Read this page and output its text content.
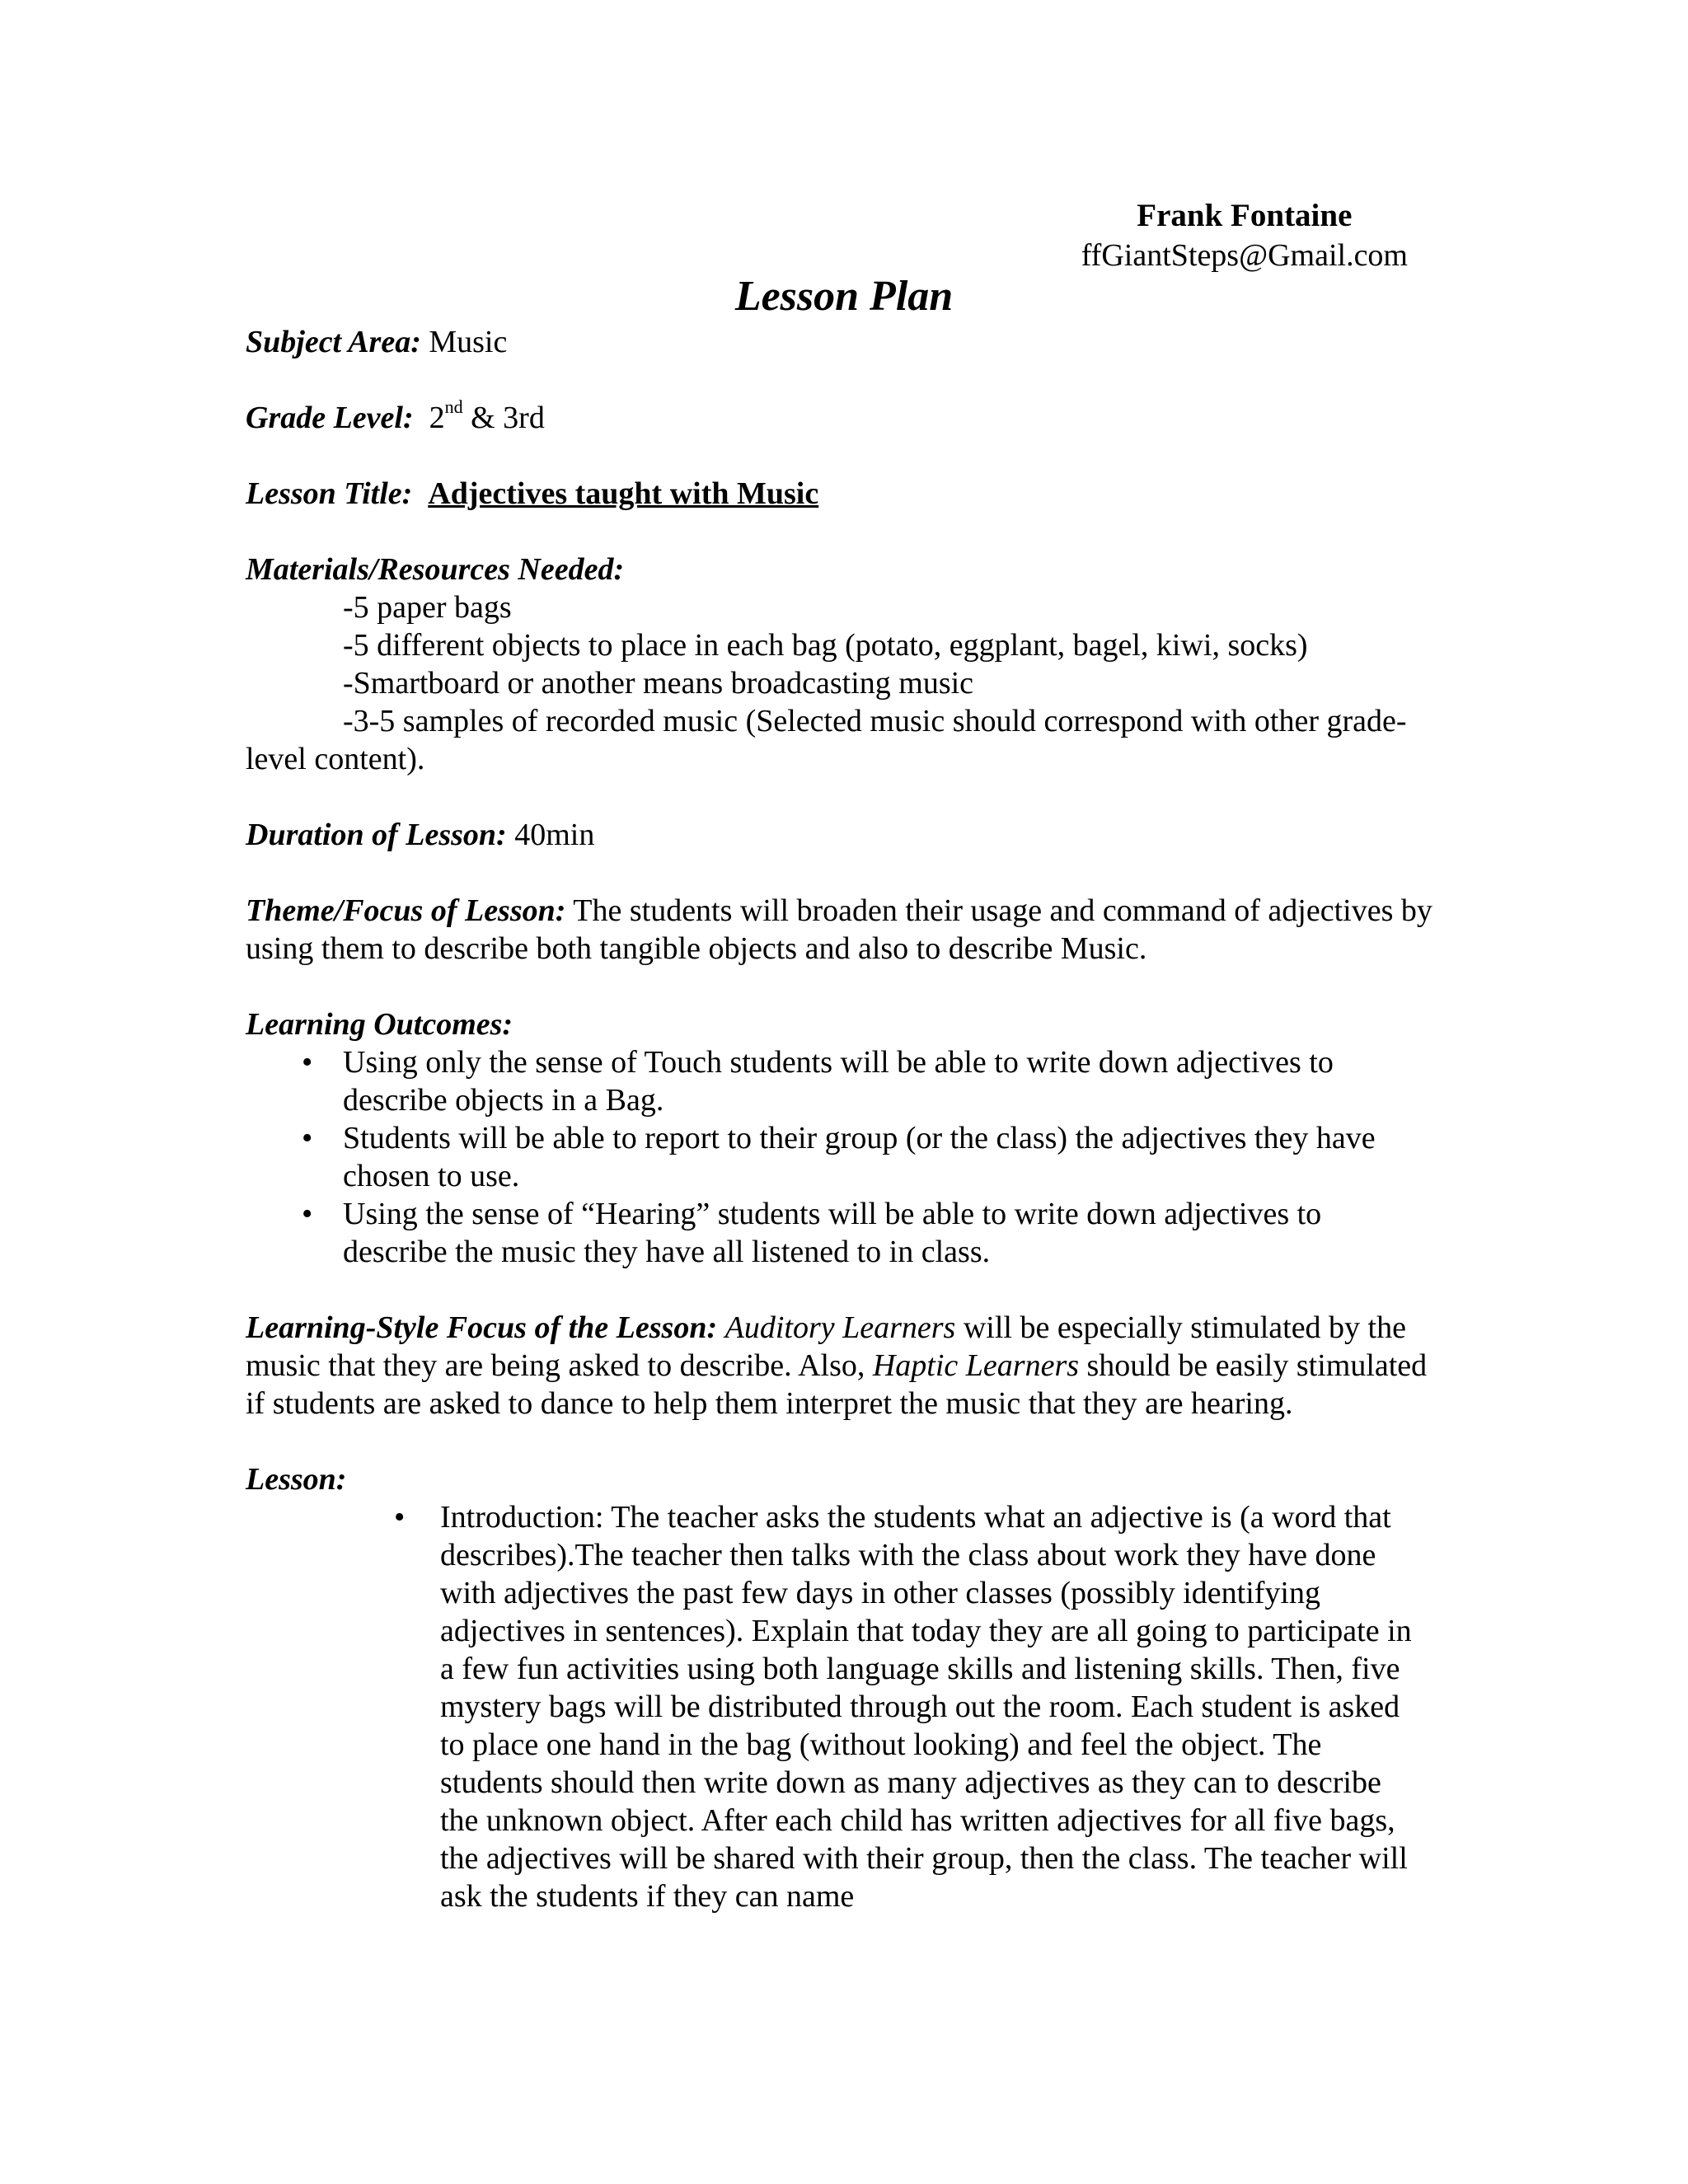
Frank Fontaine
ffGiantSteps@Gmail.com
Lesson Plan

Subject Area: Music

Grade Level: 2nd & 3rd

Lesson Title: Adjectives taught with Music

Materials/Resources Needed:

-5 paper bags
-5 different objects to place in each bag (potato, eggplant, bagel, kiwi, socks)
-Smartboard or another means broadcasting music
-3-5 samples of recorded music (Selected music should correspond with other grade-level content).

Duration of Lesson: 40min

Theme/Focus of Lesson: The students will broaden their usage and command of adjectives by using them to describe both tangible objects and also to describe Music.

Learning Outcomes:

• Using only the sense of Touch students will be able to write down adjectives to describe objects in a Bag.
• Students will be able to report to their group (or the class) the adjectives they have chosen to use.
• Using the sense of “Hearing” students will be able to write down adjectives to describe the music they have all listened to in class.

Learning-Style Focus of the Lesson: Auditory Learners will be especially stimulated by the music that they are being asked to describe. Also, Haptic Learners should be easily stimulated if students are asked to dance to help them interpret the music that they are hearing.

Lesson:

• Introduction: The teacher asks the students what an adjective is (a word that describes).The teacher then talks with the class about work they have done with adjectives the past few days in other classes (possibly identifying adjectives in sentences). Explain that today they are all going to participate in a few fun activities using both language skills and listening skills. Then, five mystery bags will be distributed through out the room. Each student is asked to place one hand in the bag (without looking) and feel the object. The students should then write down as many adjectives as they can to describe the unknown object. After each child has written adjectives for all five bags, the adjectives will be shared with their group, then the class. The teacher will ask the students if they can name
